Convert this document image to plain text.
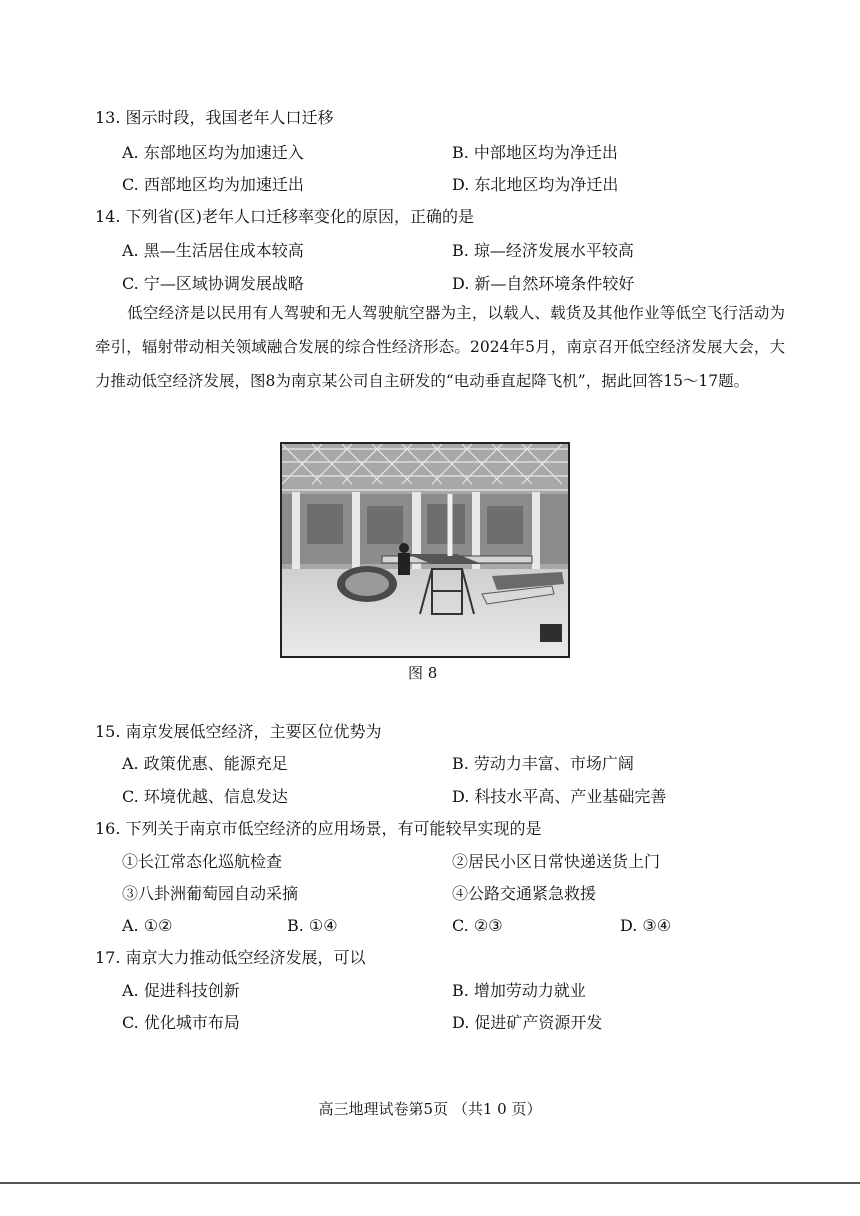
13. 图示时段，我国老年人口迁移
A. 东部地区均为加速迁入	B. 中部地区均为净迁出
C. 西部地区均为加速迁出	D. 东北地区均为净迁出
14. 下列省(区)老年人口迁移率变化的原因，正确的是
A. 黑—生活居住成本较高	B. 琼—经济发展水平较高
C. 宁—区域协调发展战略	D. 新—自然环境条件较好
低空经济是以民用有人驾驶和无人驾驶航空器为主，以载人、载货及其他作业等低空飞行活动为牵引，辐射带动相关领域融合发展的综合性经济形态。2024年5月，南京召开低空经济发展大会，大力推动低空经济发展，图8为南京某公司自主研发的“电动垂直起降飞机”，据此回答15～17题。
图 8
15. 南京发展低空经济，主要区位优势为
A. 政策优惠、能源充足	B. 劳动力丰富、市场广阔
C. 环境优越、信息发达	D. 科技水平高、产业基础完善
16. 下列关于南京市低空经济的应用场景，有可能较早实现的是
①长江常态化巡航检查	②居民小区日常快递送货上门
③八卦洲葡萄园自动采摘	④公路交通紧急救援
A. ①②	B. ①④	C. ②③	D. ③④
17. 南京大力推动低空经济发展，可以
A. 促进科技创新	B. 增加劳动力就业
C. 优化城市布局	D. 促进矿产资源开发
高三地理试卷第5页 （共1 0 页）
